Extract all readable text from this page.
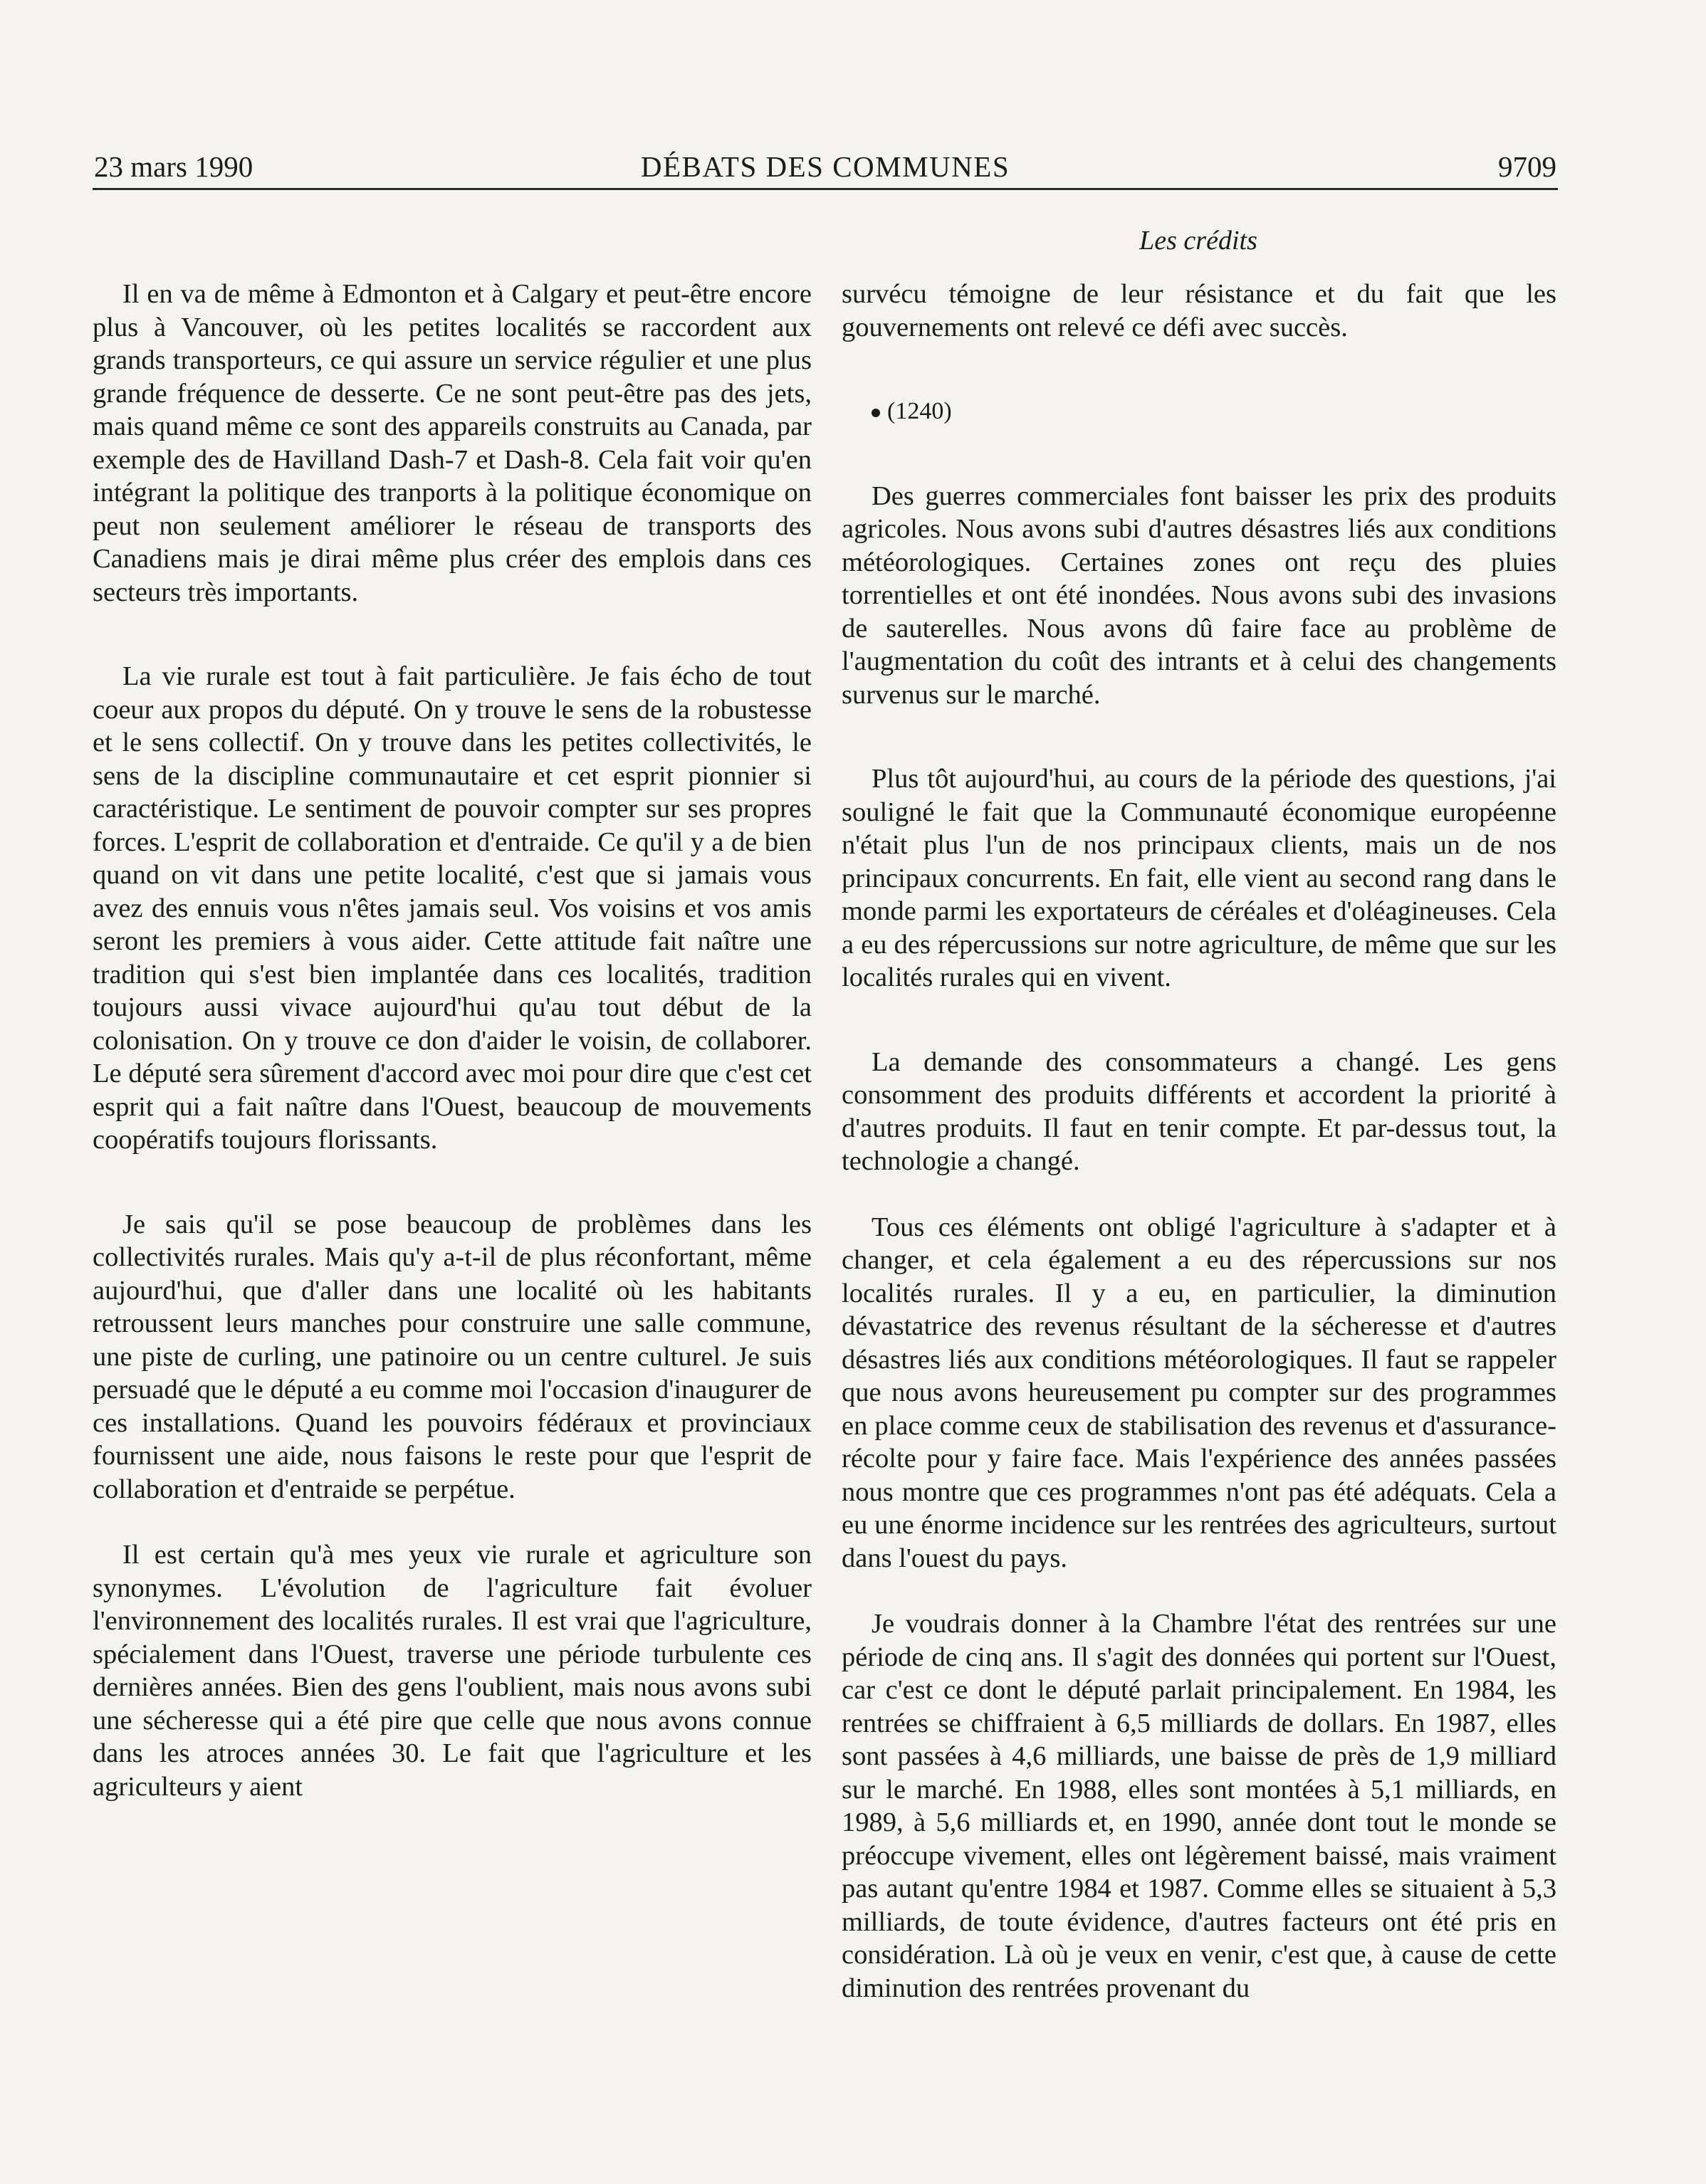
23 mars 1990	DÉBATS DES COMMUNES	9709
Les crédits

Il en va de même à Edmonton et à Calgary et peut-être encore plus à Vancouver, où les petites localités se raccordent aux grands transporteurs, ce qui assure un service régulier et une plus grande fréquence de desserte. Ce ne sont peut-être pas des jets, mais quand même ce sont des appareils construits au Canada, par exemple des de Havilland Dash-7 et Dash-8. Cela fait voir qu'en intégrant la politique des tranports à la politique économique on peut non seulement améliorer le réseau de transports des Canadiens mais je dirai même plus créer des emplois dans ces secteurs très importants.

La vie rurale est tout à fait particulière. Je fais écho de tout coeur aux propos du député. On y trouve le sens de la robustesse et le sens collectif. On y trouve dans les petites collectivités, le sens de la discipline communautaire et cet esprit pionnier si caractéristique. Le sentiment de pouvoir compter sur ses propres forces. L'esprit de collaboration et d'entraide. Ce qu'il y a de bien quand on vit dans une petite localité, c'est que si jamais vous avez des ennuis vous n'êtes jamais seul. Vos voisins et vos amis seront les premiers à vous aider. Cette attitude fait naître une tradition qui s'est bien implantée dans ces localités, tradition toujours aussi vivace aujourd'hui qu'au tout début de la colonisation. On y trouve ce don d'aider le voisin, de collaborer. Le député sera sûrement d'accord avec moi pour dire que c'est cet esprit qui a fait naître dans l'Ouest, beaucoup de mouvements coopératifs toujours florissants.

Je sais qu'il se pose beaucoup de problèmes dans les collectivités rurales. Mais qu'y a-t-il de plus réconfortant, même aujourd'hui, que d'aller dans une localité où les habitants retroussent leurs manches pour construire une salle commune, une piste de curling, une patinoire ou un centre culturel. Je suis persuadé que le député a eu comme moi l'occasion d'inaugurer de ces installations. Quand les pouvoirs fédéraux et provinciaux fournissent une aide, nous faisons le reste pour que l'esprit de collaboration et d'entraide se perpétue.

Il est certain qu'à mes yeux vie rurale et agriculture son synonymes. L'évolution de l'agriculture fait évoluer l'environnement des localités rurales. Il est vrai que l'agriculture, spécialement dans l'Ouest, traverse une période turbulente ces dernières années. Bien des gens l'oublient, mais nous avons subi une sécheresse qui a été pire que celle que nous avons connue dans les atroces années 30. Le fait que l'agriculture et les agriculteurs y aient

survécu témoigne de leur résistance et du fait que les gouvernements ont relevé ce défi avec succès.

(1240)

Des guerres commerciales font baisser les prix des produits agricoles. Nous avons subi d'autres désastres liés aux conditions météorologiques. Certaines zones ont reçu des pluies torrentielles et ont été inondées. Nous avons subi des invasions de sauterelles. Nous avons dû faire face au problème de l'augmentation du coût des intrants et à celui des changements survenus sur le marché.

Plus tôt aujourd'hui, au cours de la période des questions, j'ai souligné le fait que la Communauté économique européenne n'était plus l'un de nos principaux clients, mais un de nos principaux concurrents. En fait, elle vient au second rang dans le monde parmi les exportateurs de céréales et d'oléagineuses. Cela a eu des répercussions sur notre agriculture, de même que sur les localités rurales qui en vivent.

La demande des consommateurs a changé. Les gens consomment des produits différents et accordent la priorité à d'autres produits. Il faut en tenir compte. Et par-dessus tout, la technologie a changé.

Tous ces éléments ont obligé l'agriculture à s'adapter et à changer, et cela également a eu des répercussions sur nos localités rurales. Il y a eu, en particulier, la diminution dévastatrice des revenus résultant de la sécheresse et d'autres désastres liés aux conditions météorologiques. Il faut se rappeler que nous avons heureusement pu compter sur des programmes en place comme ceux de stabilisation des revenus et d'assurance-récolte pour y faire face. Mais l'expérience des années passées nous montre que ces programmes n'ont pas été adéquats. Cela a eu une énorme incidence sur les rentrées des agriculteurs, surtout dans l'ouest du pays.

Je voudrais donner à la Chambre l'état des rentrées sur une période de cinq ans. Il s'agit des données qui portent sur l'Ouest, car c'est ce dont le député parlait principalement. En 1984, les rentrées se chiffraient à 6,5 milliards de dollars. En 1987, elles sont passées à 4,6 milliards, une baisse de près de 1,9 milliard sur le marché. En 1988, elles sont montées à 5,1 milliards, en 1989, à 5,6 milliards et, en 1990, année dont tout le monde se préoccupe vivement, elles ont légèrement baissé, mais vraiment pas autant qu'entre 1984 et 1987. Comme elles se situaient à 5,3 milliards, de toute évidence, d'autres facteurs ont été pris en considération. Là où je veux en venir, c'est que, à cause de cette diminution des rentrées provenant du
